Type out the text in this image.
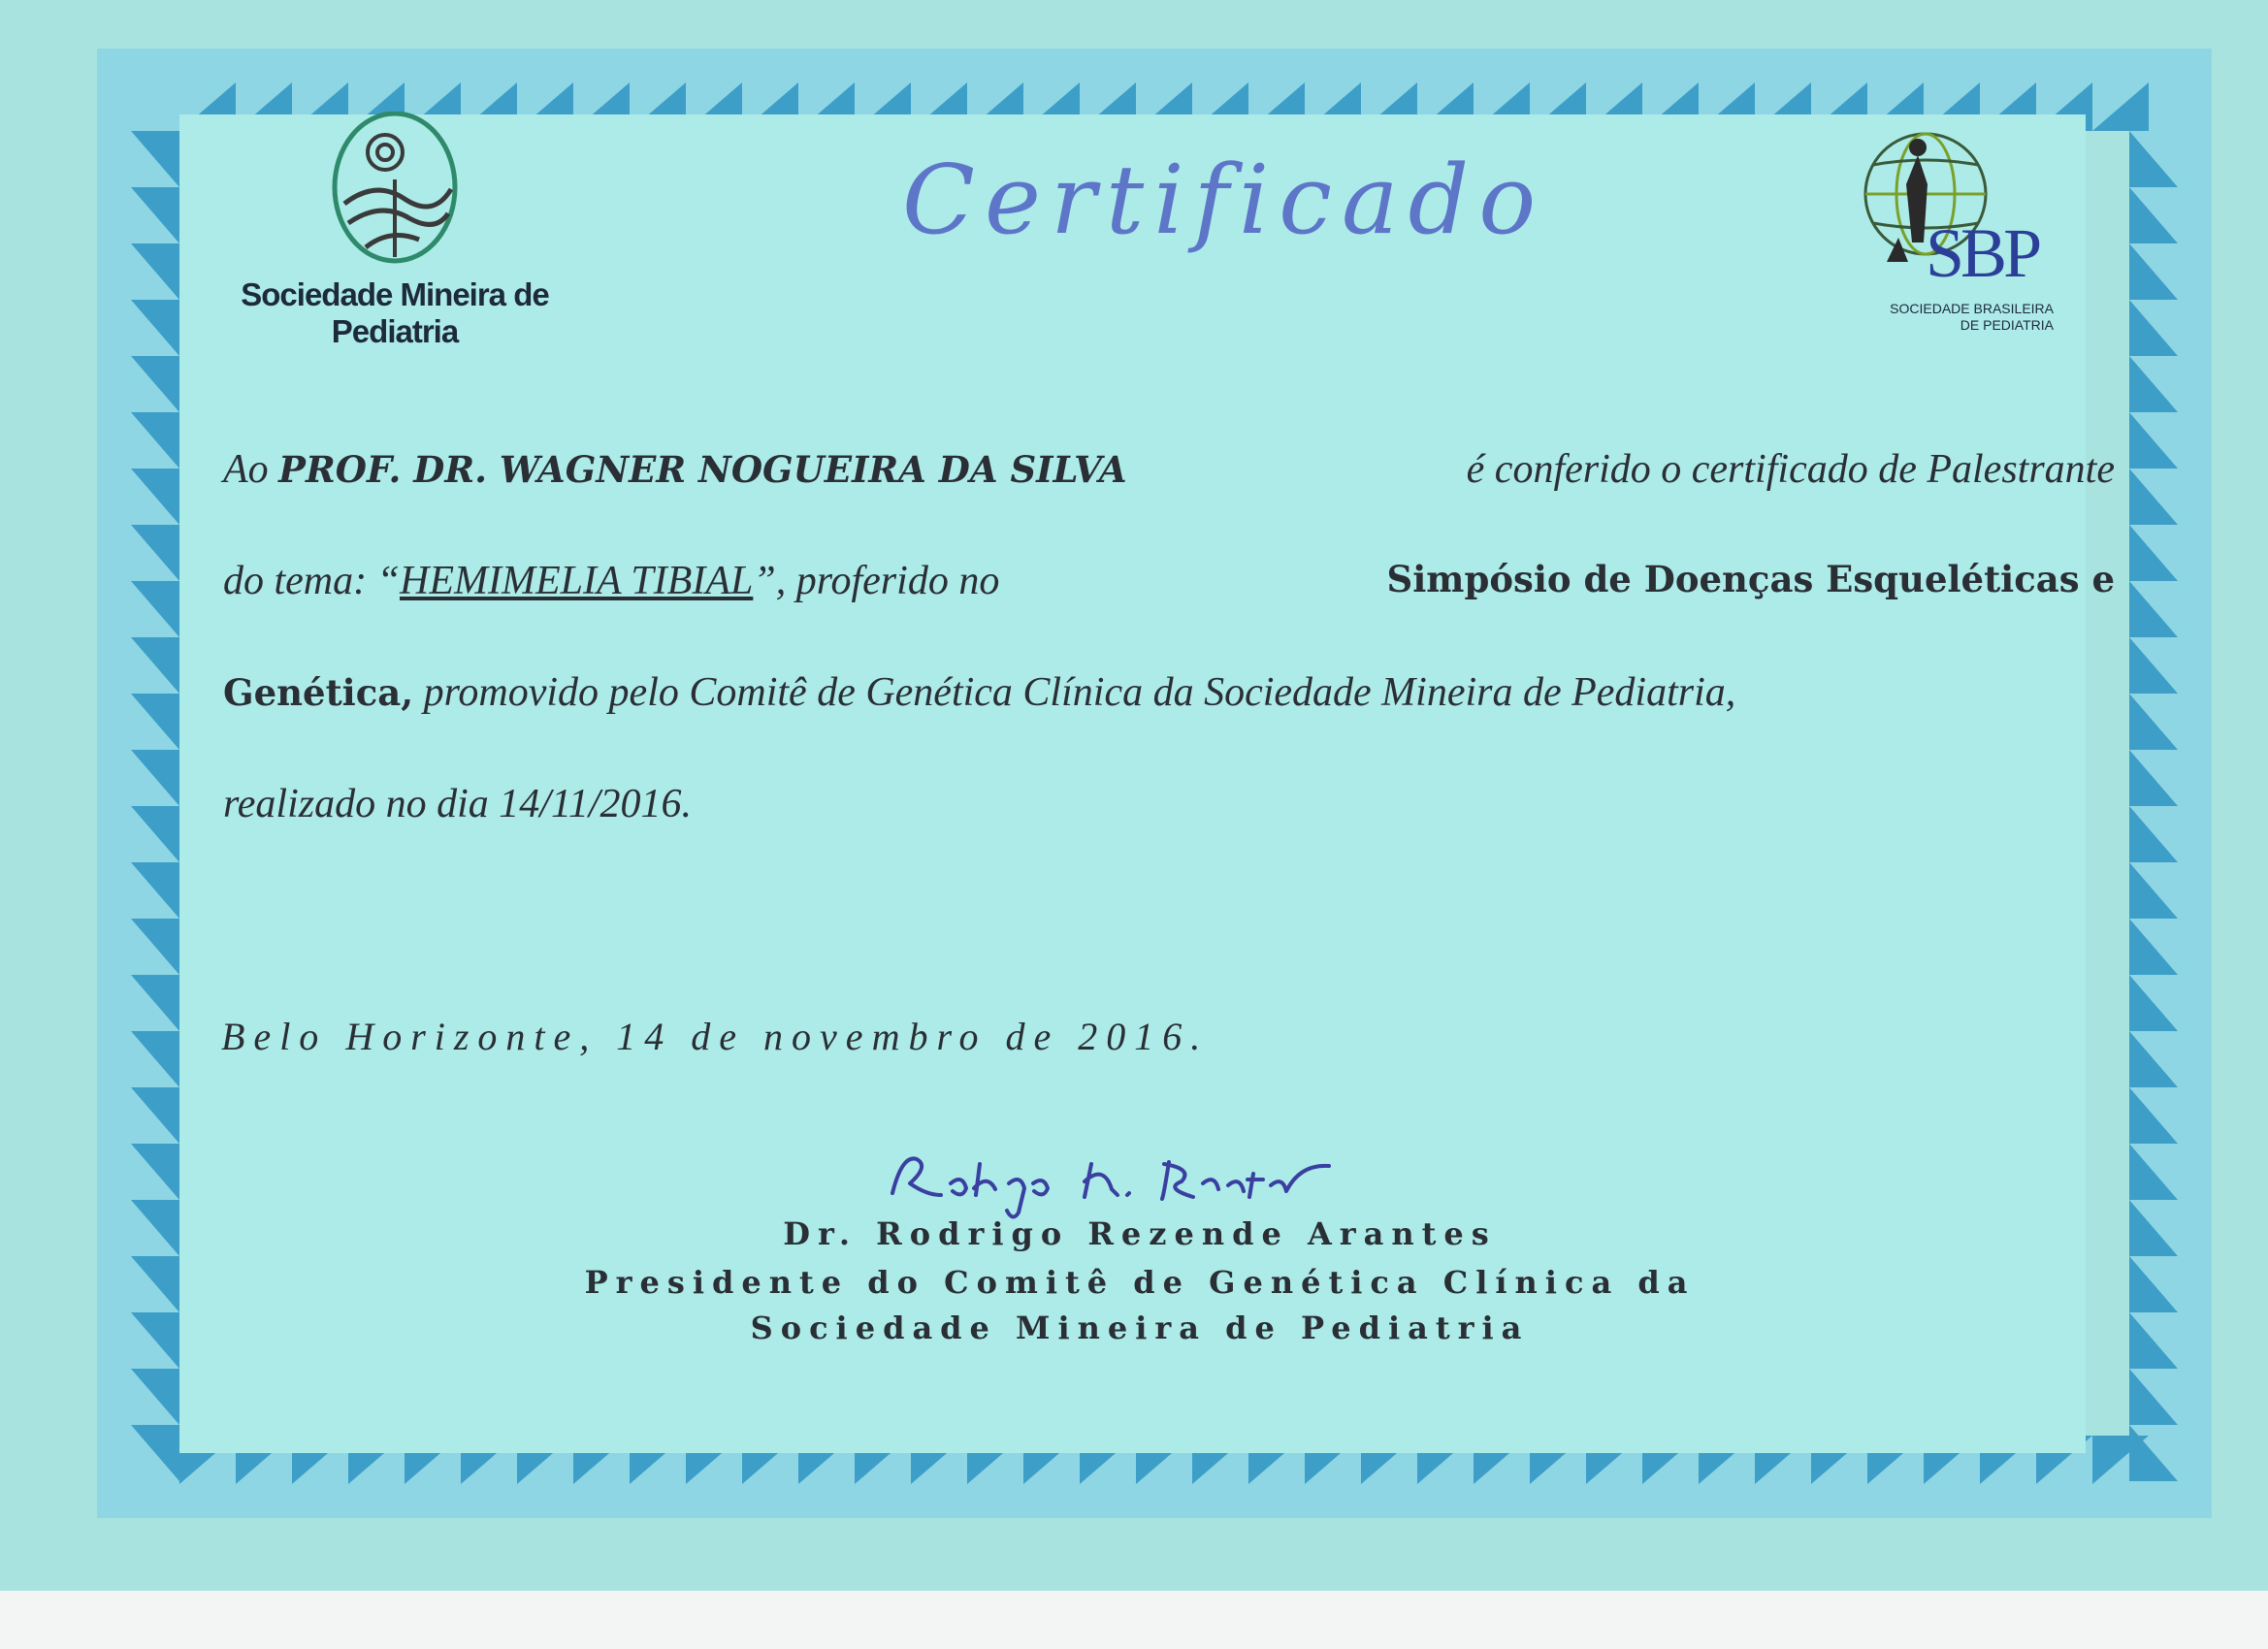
Sociedade Mineira de Pediatria
SBP
SOCIEDADE BRASILEIRA
DE PEDIATRIA
Certificado
Ao PROF. DR. WAGNER NOGUEIRA DA SILVA	é conferido o certificado de Palestrante
do tema: “HEMIMELIA TIBIAL”, proferido no	Simpósio de Doenças Esqueléticas e
Genética, promovido pelo Comitê de Genética Clínica da Sociedade Mineira de Pediatria,
realizado no dia 14/11/2016.
Belo Horizonte, 14 de novembro de 2016.
Dr. Rodrigo Rezende Arantes
Presidente do Comitê de Genética Clínica da
Sociedade Mineira de Pediatria
